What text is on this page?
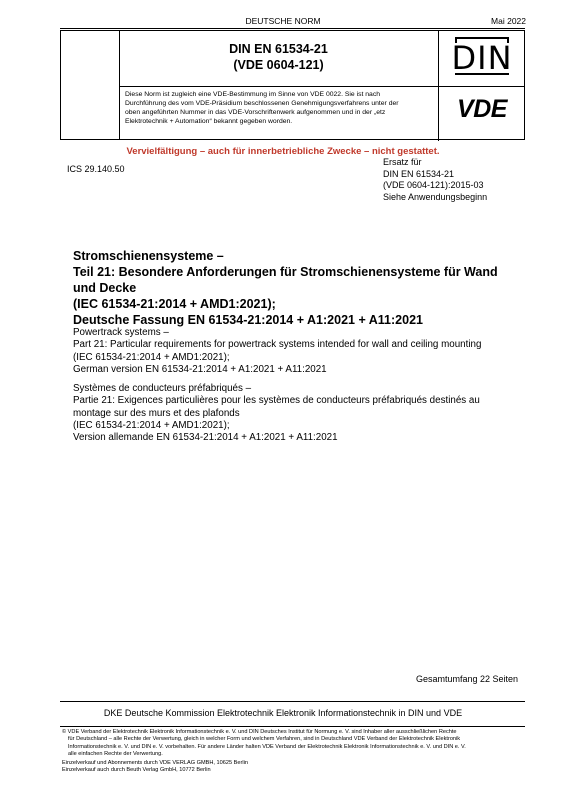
DEUTSCHE NORM	Mai 2022
DIN EN 61534-21
(VDE 0604-121)	DIN
Diese Norm ist zugleich eine VDE-Bestimmung im Sinne von VDE 0022. Sie ist nach
Durchführung des vom VDE-Präsidium beschlossenen Genehmigungsverfahrens unter der
oben angeführten Nummer in das VDE-Vorschriftenwerk aufgenommen und in der „etz
Elektrotechnik + Automation“ bekannt gegeben worden.	VDE
Vervielfältigung – auch für innerbetriebliche Zwecke – nicht gestattet.
ICS 29.140.50
Ersatz für
DIN EN 61534-21
(VDE 0604-121):2015-03
Siehe Anwendungsbeginn
Stromschienensysteme –
Teil 21: Besondere Anforderungen für Stromschienensysteme für Wand
und Decke
(IEC 61534-21:2014 + AMD1:2021);
Deutsche Fassung EN 61534-21:2014 + A1:2021 + A11:2021
Powertrack systems –
Part 21: Particular requirements for powertrack systems intended for wall and ceiling mounting
(IEC 61534-21:2014 + AMD1:2021);
German version EN 61534-21:2014 + A1:2021 + A11:2021
Systèmes de conducteurs préfabriqués –
Partie 21: Exigences particulières pour les systèmes de conducteurs préfabriqués destinés au
montage sur des murs et des plafonds
(IEC 61534-21:2014 + AMD1:2021);
Version allemande EN 61534-21:2014 + A1:2021 + A11:2021
Gesamtumfang 22 Seiten
DKE Deutsche Kommission Elektrotechnik Elektronik Informationstechnik in DIN und VDE
© VDE Verband der Elektrotechnik Elektronik Informationstechnik e. V. und DIN Deutsches Institut für Normung e. V. sind Inhaber aller ausschließlichen Rechte
für Deutschland – alle Rechte der Verwertung, gleich in welcher Form und welchem Verfahren, sind in Deutschland VDE Verband der Elektrotechnik Elektronik
Informationstechnik e. V. und DIN e. V. vorbehalten. Für andere Länder halten VDE Verband der Elektrotechnik Elektronik Informationstechnik e. V. und DIN e. V.
alle einfachen Rechte der Verwertung.
Einzelverkauf und Abonnements durch VDE VERLAG GMBH, 10625 Berlin
Einzelverkauf auch durch Beuth Verlag GmbH, 10772 Berlin
